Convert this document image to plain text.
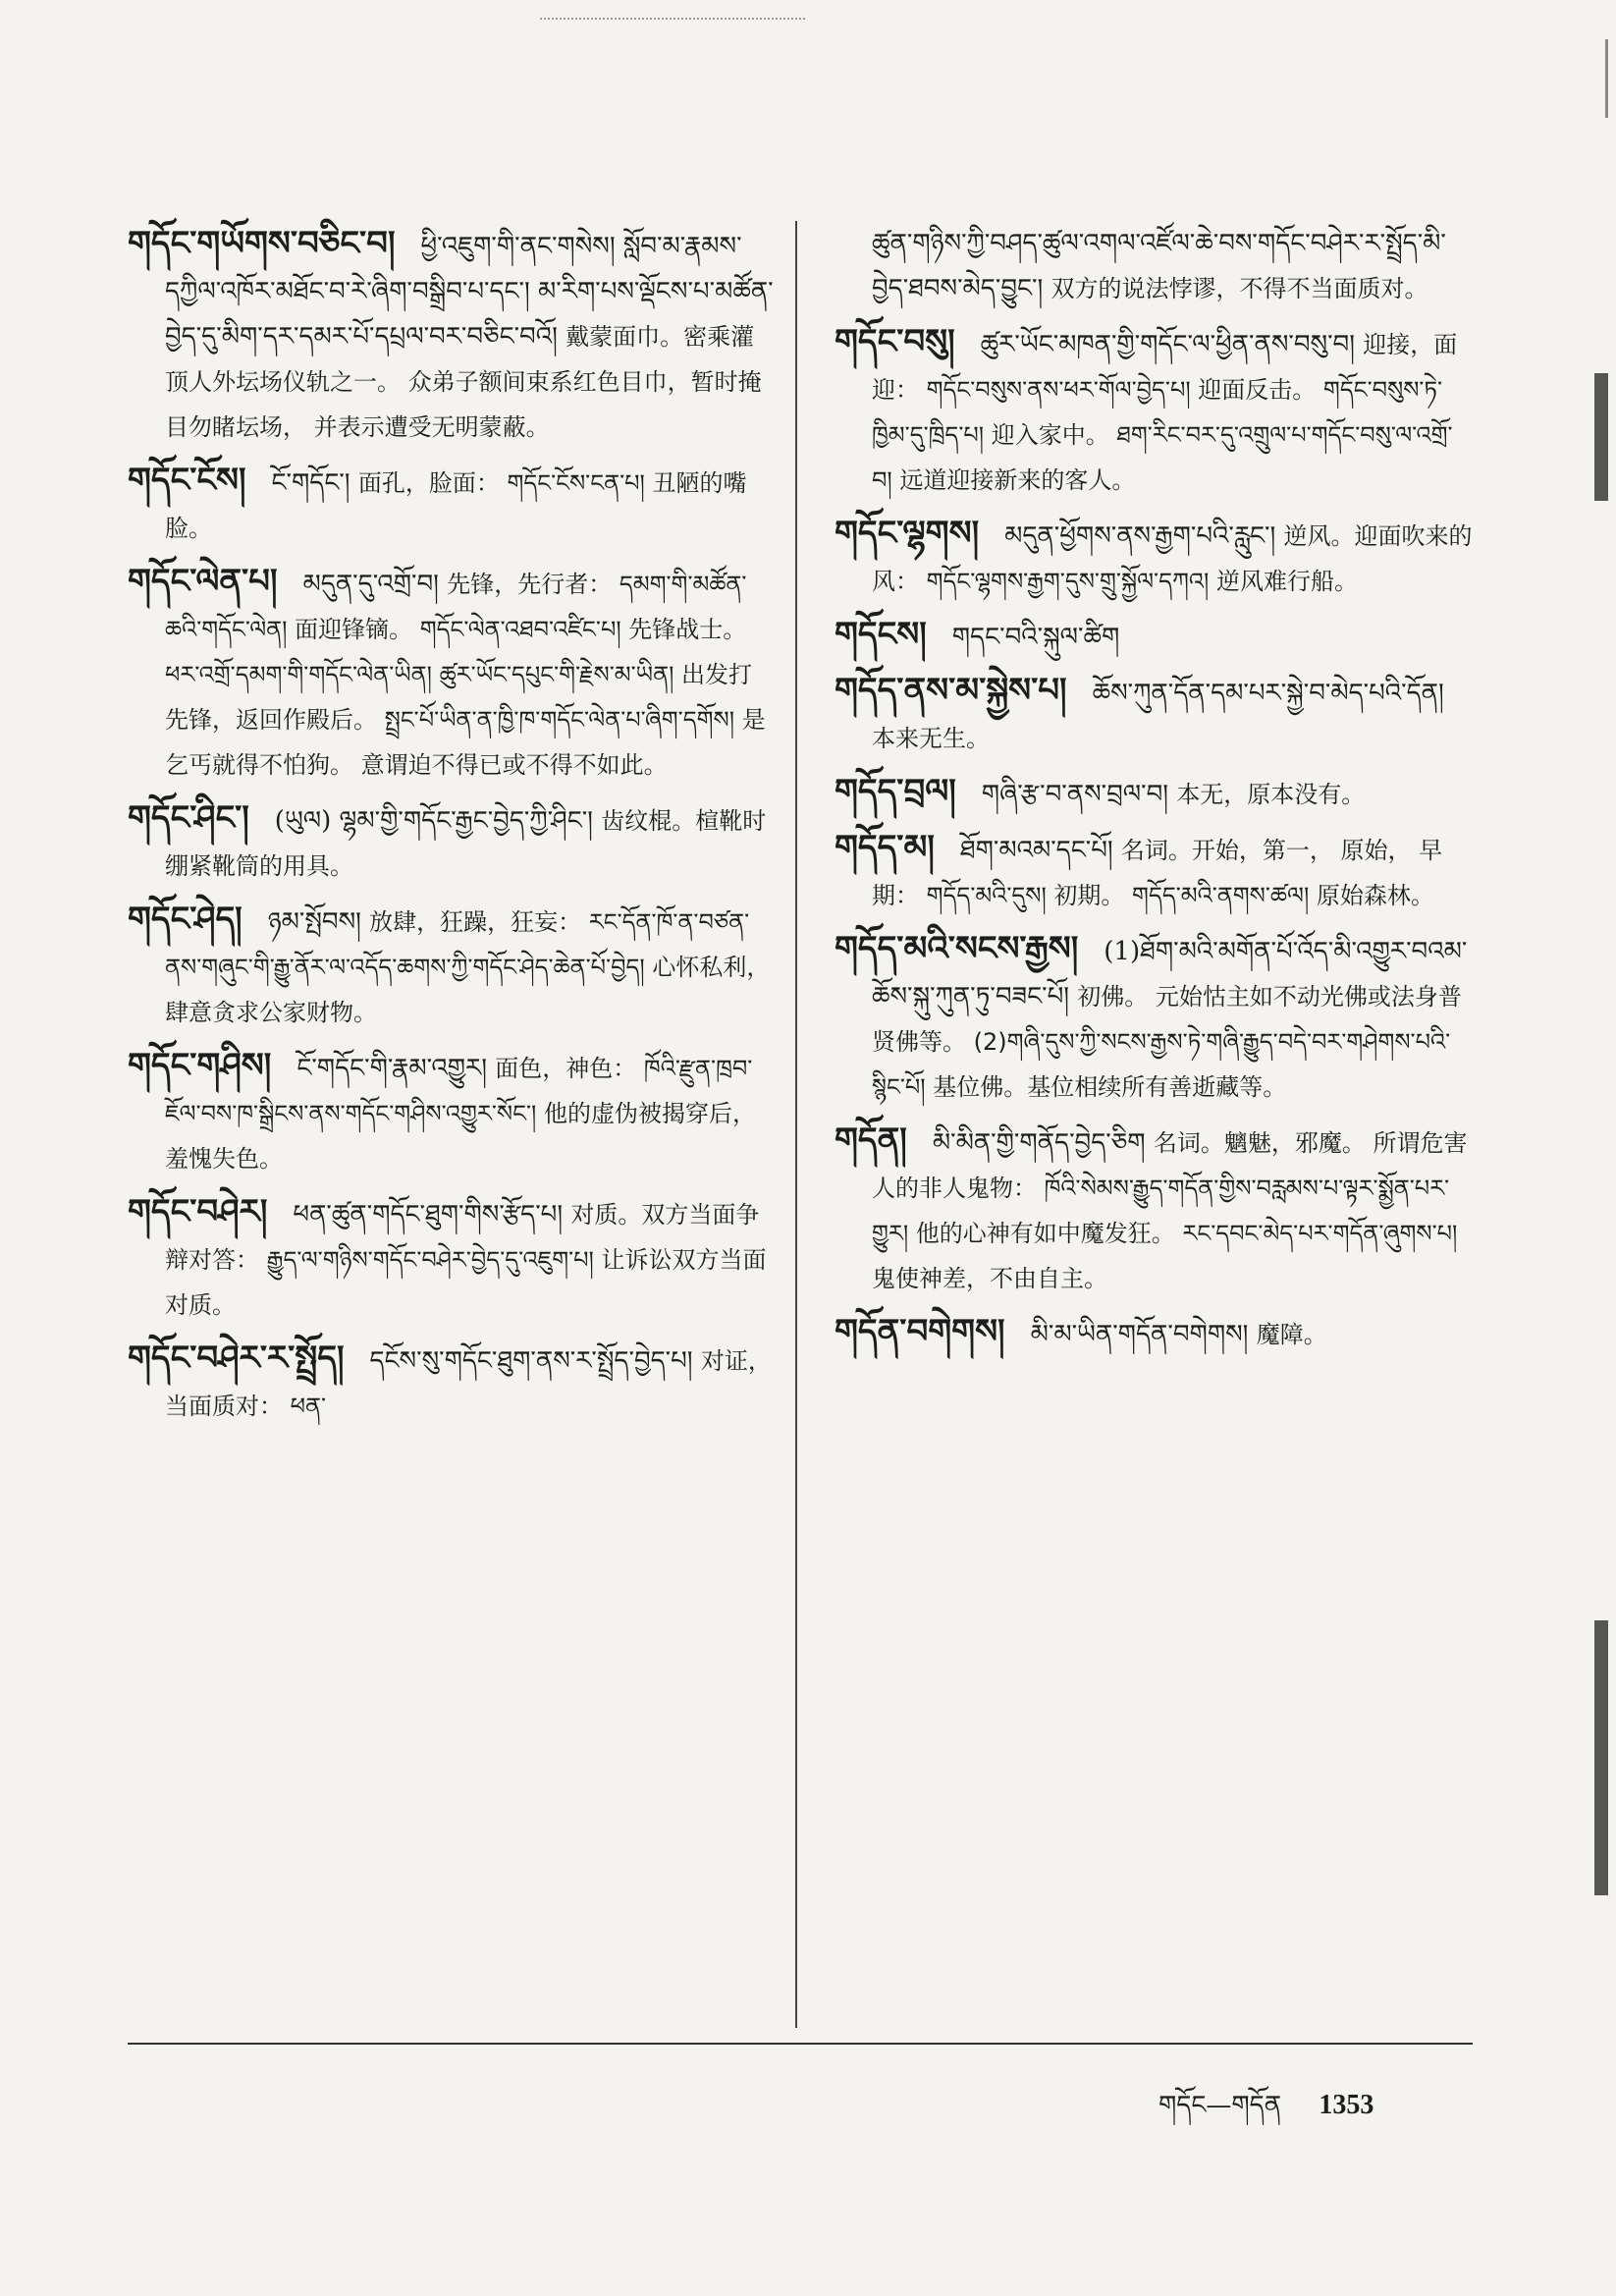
གདོང་གཡོགས་བཅིང་བ། ཕྱི་འཇུག་གི་ནང་གསེས། སློབ་མ་རྣམས་དཀྱིལ་འཁོར་མཐོང་བ་རེ་ཞིག་བསྒྲིབ་པ་དང་། མ་རིག་པས་ལྡོངས་པ་མཚོན་བྱེད་དུ་མིག་དར་དམར་པོ་དཔྲལ་བར་བཅིང་བའོ། 戴蒙面巾。密乘灌顶人外坛场仪轨之一。 众弟子额间束系红色目巾，暂时掩目勿睹坛场， 并表示遭受无明蒙蔽。

གདོང་ངོས། ངོ་གདོང་། 面孔，脸面： གདོང་ངོས་ངན་པ། 丑陋的嘴脸。

གདོང་ལེན་པ། མདུན་དུ་འགྲོ་བ། 先锋，先行者： དམག་གི་མཚོན་ཆའི་གདོང་ལེན། 面迎锋镝。 གདོང་ལེན་འཐབ་འཛིང་པ། 先锋战士。 ཕར་འགྲོ་དམག་གི་གདོང་ལེན་ཡིན། ཚུར་ཡོང་དཔུང་གི་རྗེས་མ་ཡིན། 出发打先锋，返回作殿后。 སྤྲང་པོ་ཡིན་ན་ཁྱི་ཁ་གདོང་ལེན་པ་ཞིག་དགོས། 是乞丐就得不怕狗。 意谓迫不得已或不得不如此。

གདོང་ཤིང་། (ཡུལ) ལྷམ་གྱི་གདོང་རྒྱང་བྱེད་ཀྱི་ཤིང་། 齿纹棍。楦靴时绷紧靴筒的用具。

གདོང་ཤེད། ཉམ་སྤོབས། 放肆，狂躁，狂妄： རང་དོན་ཁོ་ན་བཙན་ནས་གཞུང་གི་རྒྱུ་ནོར་ལ་འདོད་ཆགས་ཀྱི་གདོང་ཤེད་ཆེན་པོ་བྱེད། 心怀私利，肆意贪求公家财物。

གདོང་གཤིས། ངོ་གདོང་གི་རྣམ་འགྱུར། 面色，神色： ཁོའི་རྫུན་ཁྲབ་ཇོལ་བས་ཁ་སྒྲིངས་ནས་གདོང་གཤིས་འགྱུར་སོང་། 他的虚伪被揭穿后，羞愧失色。

གདོང་བཤེར། ཕན་ཚུན་གདོང་ཐུག་གིས་རྩོད་པ། 对质。双方当面争辩对答： རྒྱུད་ལ་གཉིས་གདོང་བཤེར་བྱེད་དུ་འཇུག་པ། 让诉讼双方当面对质。

གདོང་བཤེར་ར་སྤྲོད། དངོས་སུ་གདོང་ཐུག་ནས་ར་སྤྲོད་བྱེད་པ། 对证，当面质对： ཕན་

ཚུན་གཉིས་ཀྱི་བཤད་ཚུལ་འགལ་འཛོལ་ཆེ་བས་གདོང་བཤེར་ར་སྤྲོད་མི་བྱེད་ཐབས་མེད་བྱུང་། 双方的说法悖谬，不得不当面质对。

གདོང་བསུ། ཚུར་ཡོང་མཁན་གྱི་གདོང་ལ་ཕྱིན་ནས་བསུ་བ། 迎接，面迎： གདོང་བསུས་ནས་ཕར་གོལ་བྱེད་པ། 迎面反击。 གདོང་བསུས་ཏེ་ཁྱིམ་དུ་ཁྲིད་པ། 迎入家中。 ཐག་རིང་བར་དུ་འགྲུལ་པ་གདོང་བསུ་ལ་འགྲོ་བ། 远道迎接新来的客人。

གདོང་ལྷགས། མདུན་ཕྱོགས་ནས་རྒྱག་པའི་རླུང་། 逆风。迎面吹来的风： གདོང་ལྷགས་རྒྱག་དུས་གྲུ་སྐྱོལ་དཀའ། 逆风难行船。

གདོངས། གདང་བའི་སྐུལ་ཚིག

གདོད་ནས་མ་སྐྱེས་པ། ཆོས་ཀུན་དོན་དམ་པར་སྐྱེ་བ་མེད་པའི་དོན། 本来无生。

གདོད་བྲལ། གཞི་རྩ་བ་ནས་བྲལ་བ། 本无，原本没有。

གདོད་མ། ཐོག་མའམ་དང་པོ། 名词。开始，第一， 原始， 早期： གདོད་མའི་དུས། 初期。 གདོད་མའི་ནགས་ཚལ། 原始森林。

གདོད་མའི་སངས་རྒྱས། (1)ཐོག་མའི་མགོན་པོ་འོད་མི་འགྱུར་བའམ་ཆོས་སྐུ་ཀུན་ཏུ་བཟང་པོ། 初佛。 元始怙主如不动光佛或法身普贤佛等。 (2)གཞི་དུས་ཀྱི་སངས་རྒྱས་ཏེ་གཞི་རྒྱུད་བདེ་བར་གཤེགས་པའི་སྙིང་པོ། 基位佛。基位相续所有善逝藏等。

གདོན། མི་མིན་གྱི་གནོད་བྱེད་ཅིག 名词。魑魅，邪魔。 所谓危害人的非人鬼物： ཁོའི་སེམས་རྒྱུད་གདོན་གྱིས་བརླམས་པ་ལྟར་སྨྱོན་པར་གྱུར། 他的心神有如中魔发狂。 རང་དབང་མེད་པར་གདོན་ཞུགས་པ། 鬼使神差，不由自主。

གདོན་བགེགས། མི་མ་ཡིན་གདོན་བགེགས། 魔障。

གདོང—གདོན 1353
